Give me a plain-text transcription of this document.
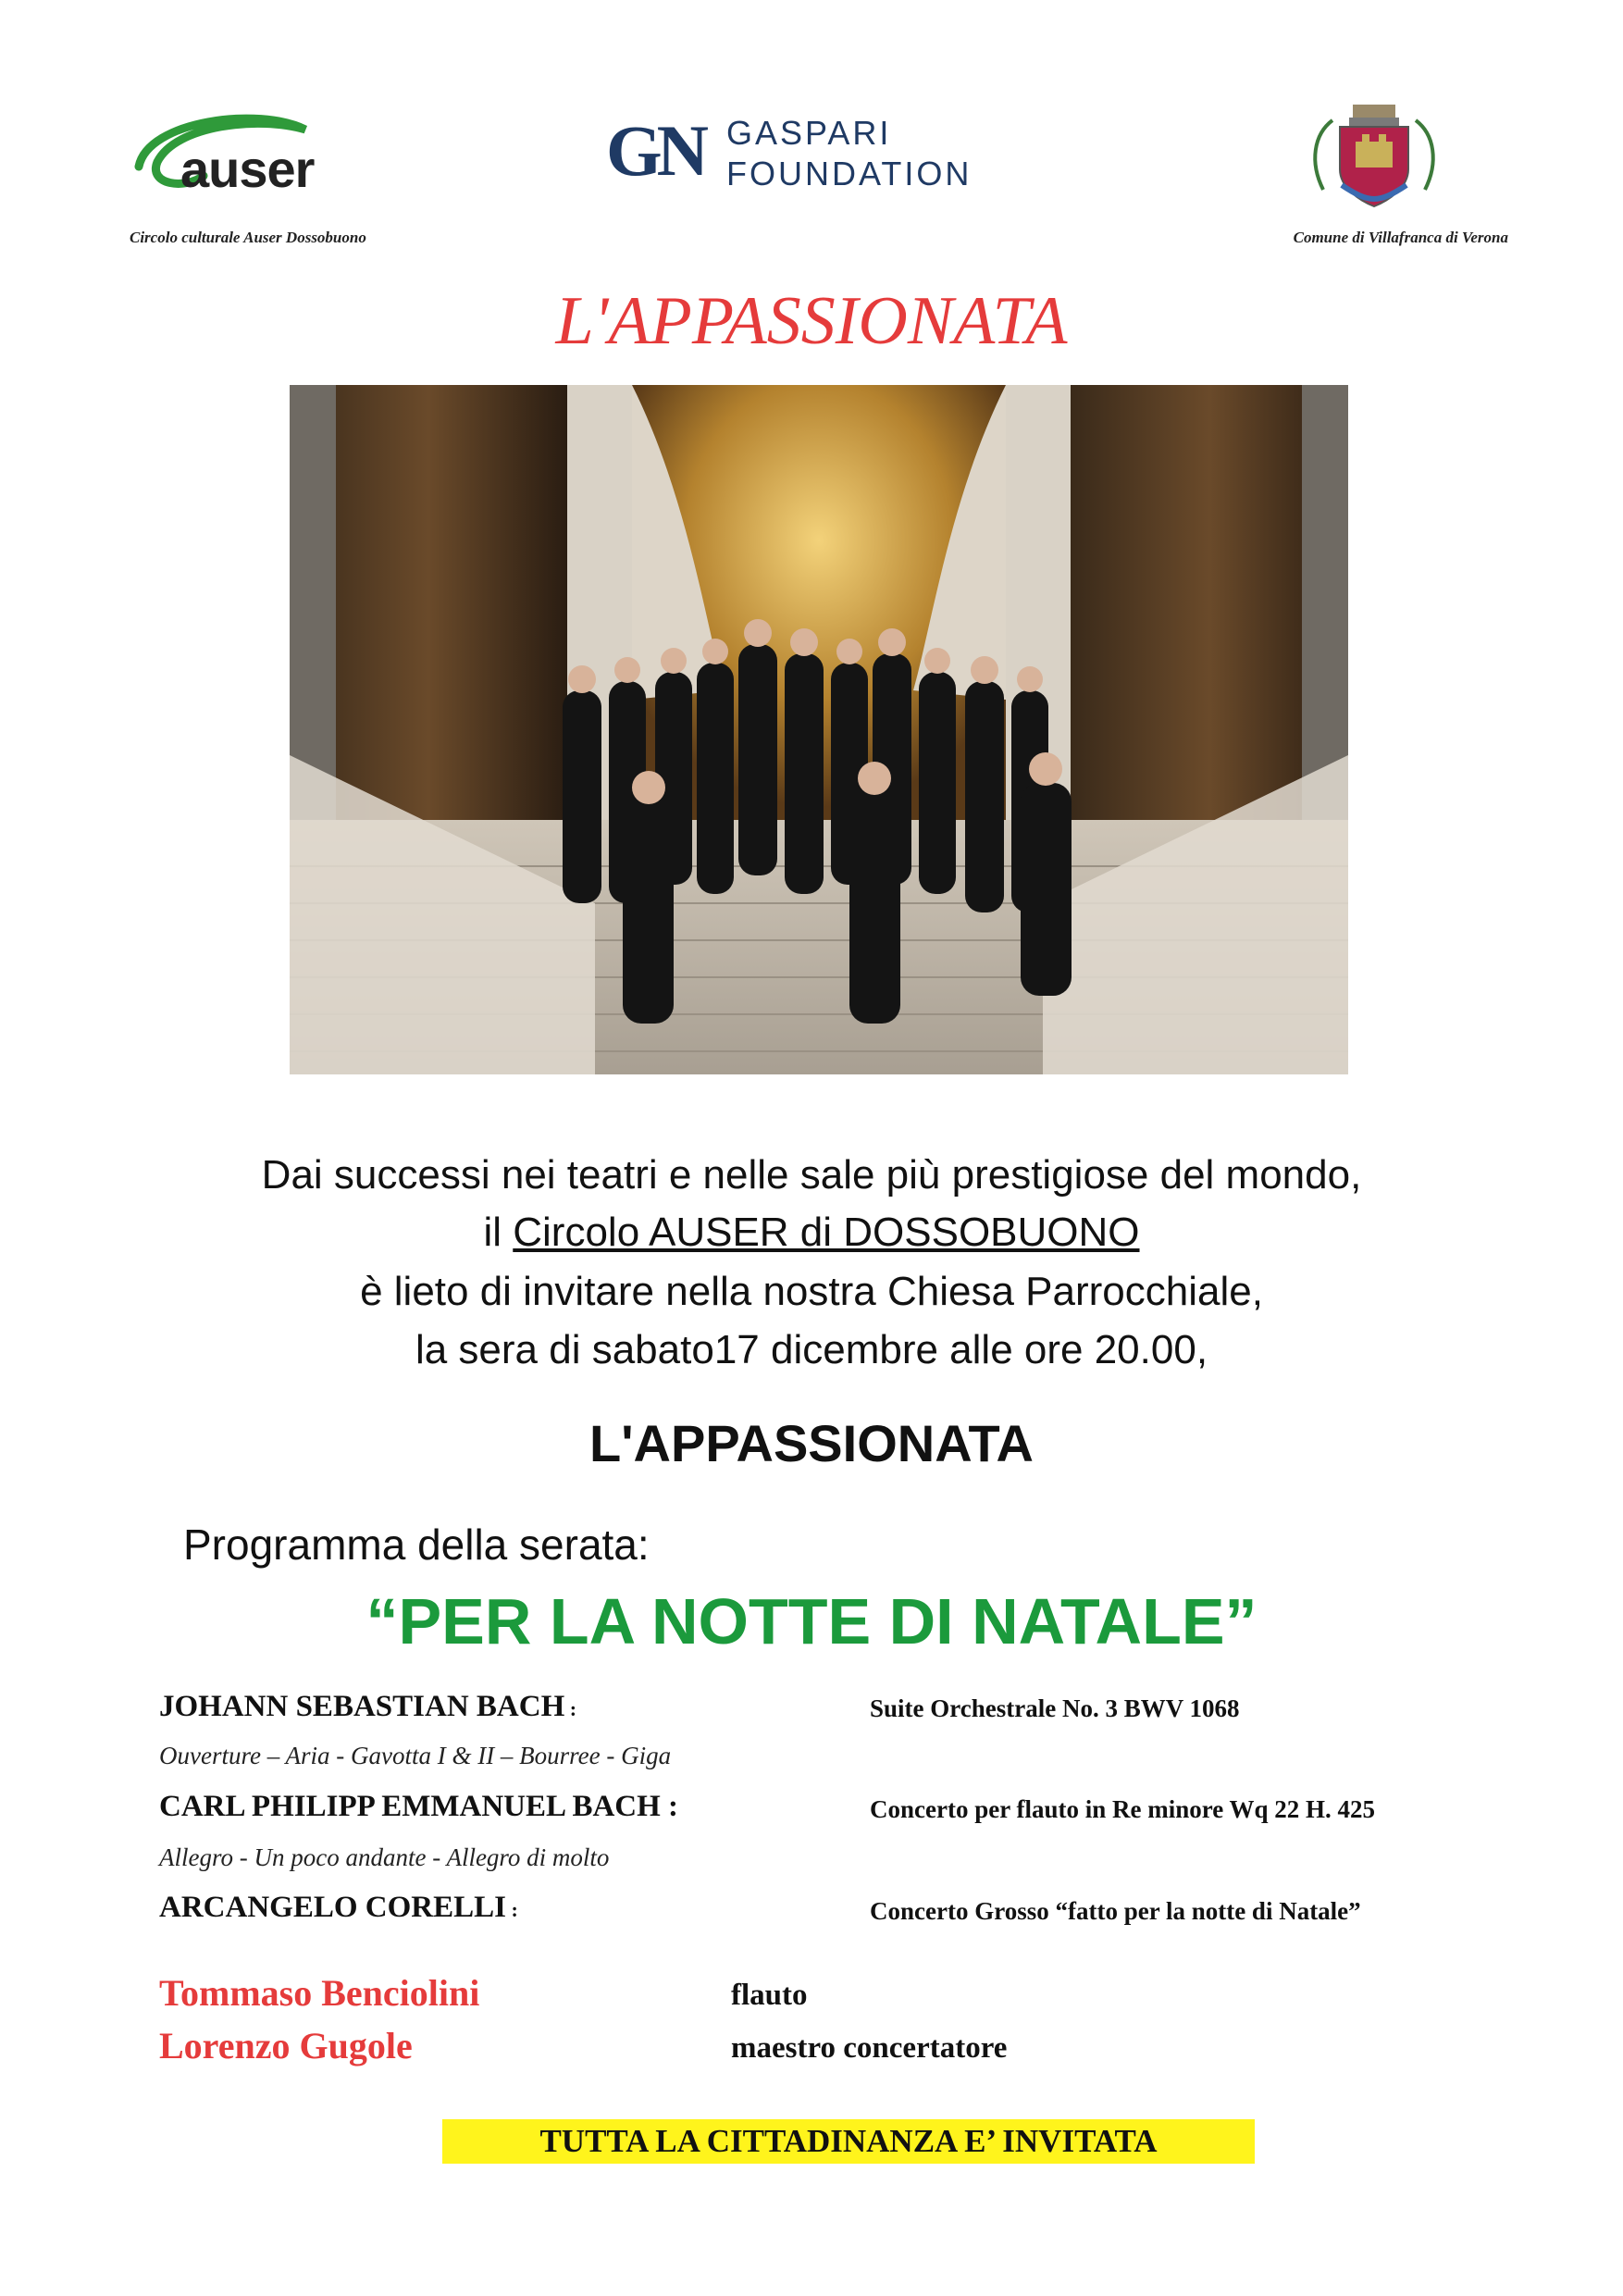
auser	GN GASPARI
FOUNDATION
Circolo culturale Auser Dossobuono	Comune di Villafranca di Verona
L'APPASSIONATA
Dai successi nei teatri e nelle sale più prestigiose del mondo,
il Circolo AUSER di DOSSOBUONO
è lieto di invitare nella nostra Chiesa Parrocchiale,
la sera di sabato17 dicembre alle ore 20.00,
L'APPASSIONATA
Programma della serata:
“PER LA NOTTE DI NATALE”
JOHANN SEBASTIAN BACH :	Suite Orchestrale No. 3 BWV 1068
Ouverture – Aria - Gavotta I & II – Bourree - Giga
CARL PHILIPP EMMANUEL BACH :	Concerto per flauto in Re minore Wq 22 H. 425
Allegro - Un poco andante - Allegro di molto
ARCANGELO CORELLI :	Concerto Grosso “fatto per la notte di Natale”
Tommaso Benciolini	flauto
Lorenzo Gugole	maestro concertatore
TUTTA LA CITTADINANZA E’ INVITATA
